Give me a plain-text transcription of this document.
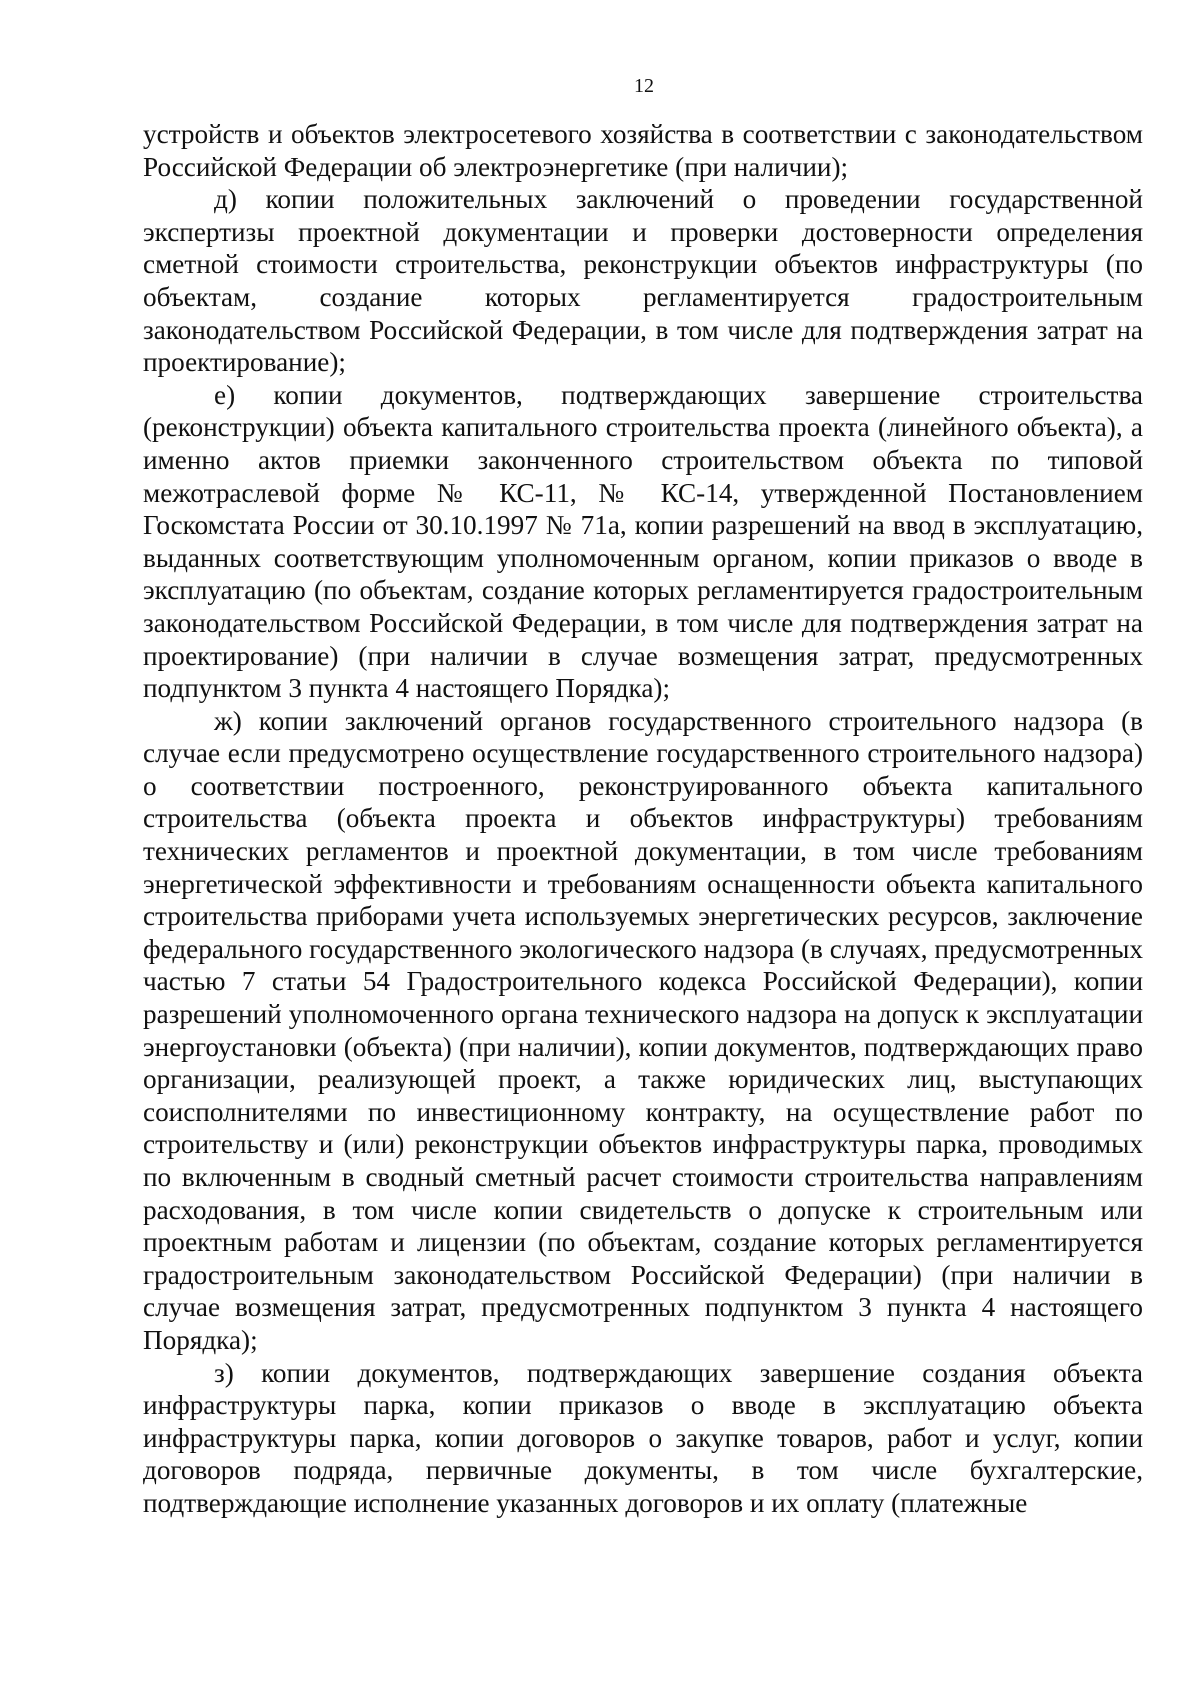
12

устройств и объектов электросетевого хозяйства в соответствии с законодательством Российской Федерации об электроэнергетике (при наличии);

д) копии положительных заключений о проведении государственной экспертизы проектной документации и проверки достоверности определения сметной стоимости строительства, реконструкции объектов инфраструктуры (по объектам, создание которых регламентируется градостроительным законодательством Российской Федерации, в том числе для подтверждения затрат на проектирование);

е) копии документов, подтверждающих завершение строительства (реконструкции) объекта капитального строительства проекта (линейного объекта), а именно актов приемки законченного строительством объекта по типовой межотраслевой форме № КС-11, № КС-14, утвержденной Постановлением Госкомстата России от 30.10.1997 № 71а, копии разрешений на ввод в эксплуатацию, выданных соответствующим уполномоченным органом, копии приказов о вводе в эксплуатацию (по объектам, создание которых регламентируется градостроительным законодательством Российской Федерации, в том числе для подтверждения затрат на проектирование) (при наличии в случае возмещения затрат, предусмотренных подпунктом 3 пункта 4 настоящего Порядка);

ж) копии заключений органов государственного строительного надзора (в случае если предусмотрено осуществление государственного строительного надзора) о соответствии построенного, реконструированного объекта капитального строительства (объекта проекта и объектов инфраструктуры) требованиям технических регламентов и проектной документации, в том числе требованиям энергетической эффективности и требованиям оснащенности объекта капитального строительства приборами учета используемых энергетических ресурсов, заключение федерального государственного экологического надзора (в случаях, предусмотренных частью 7 статьи 54 Градостроительного кодекса Российской Федерации), копии разрешений уполномоченного органа технического надзора на допуск к эксплуатации энергоустановки (объекта) (при наличии), копии документов, подтверждающих право организации, реализующей проект, а также юридических лиц, выступающих соисполнителями по инвестиционному контракту, на осуществление работ по строительству и (или) реконструкции объектов инфраструктуры парка, проводимых по включенным в сводный сметный расчет стоимости строительства направлениям расходования, в том числе копии свидетельств о допуске к строительным или проектным работам и лицензии (по объектам, создание которых регламентируется градостроительным законодательством Российской Федерации) (при наличии в случае возмещения затрат, предусмотренных подпунктом 3 пункта 4 настоящего Порядка);

з) копии документов, подтверждающих завершение создания объекта инфраструктуры парка, копии приказов о вводе в эксплуатацию объекта инфраструктуры парка, копии договоров о закупке товаров, работ и услуг, копии договоров подряда, первичные документы, в том числе бухгалтерские, подтверждающие исполнение указанных договоров и их оплату (платежные
